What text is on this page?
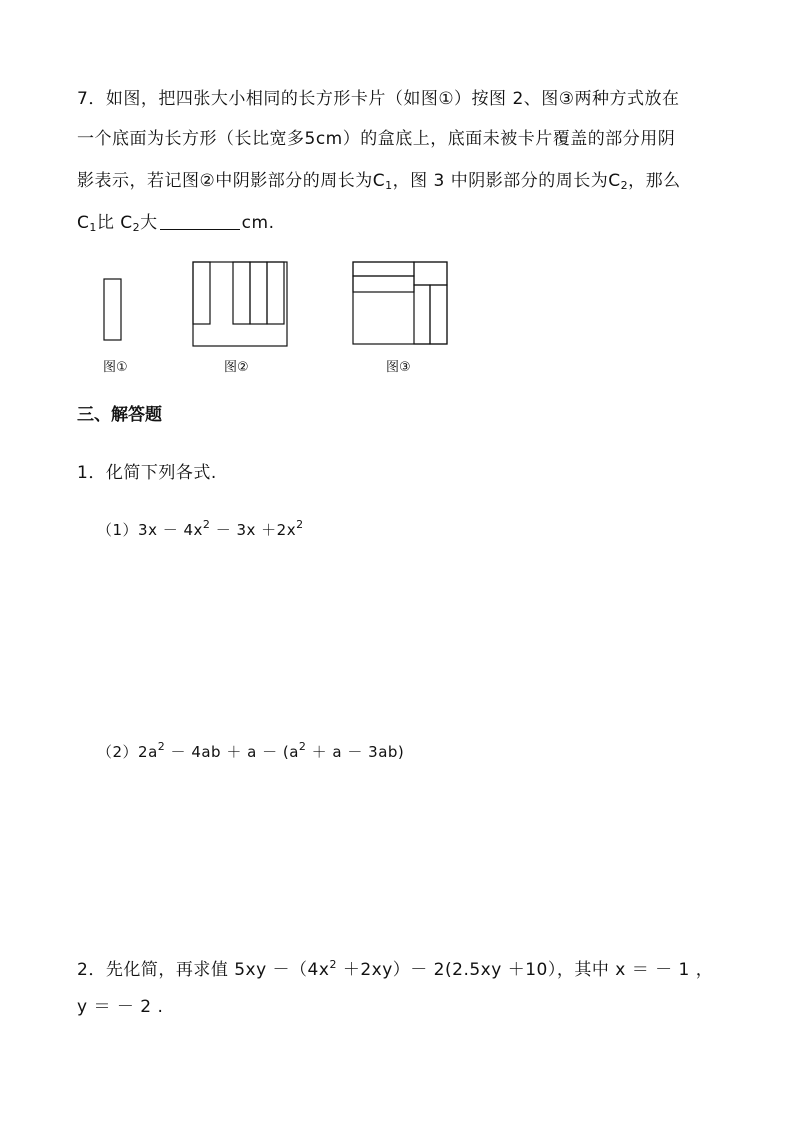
7．如图，把四张大小相同的长方形卡片（如图①）按图 2、图③两种方式放在
一个底面为长方形（长比宽多5cm）的盒底上，底面未被卡片覆盖的部分用阴
影表示，若记图②中阴影部分的周长为$C_1$，图 3 中阴影部分的周长为$C_2$，那么
$C_1$比 $C_2$大	cm.
图①	图②	图③
三、解答题
1．化简下列各式.
$(1)3x - 4x^2 - 3x +2x^2$
$(2)2a^2 - 4ab + a - (a^2 + a - 3ab)$
2．先化简，再求值 $5xy -(4x^2 +2xy)- 2(2.5xy +10)$，其中 x ＝ － 1 ，
y ＝ － 2 .
